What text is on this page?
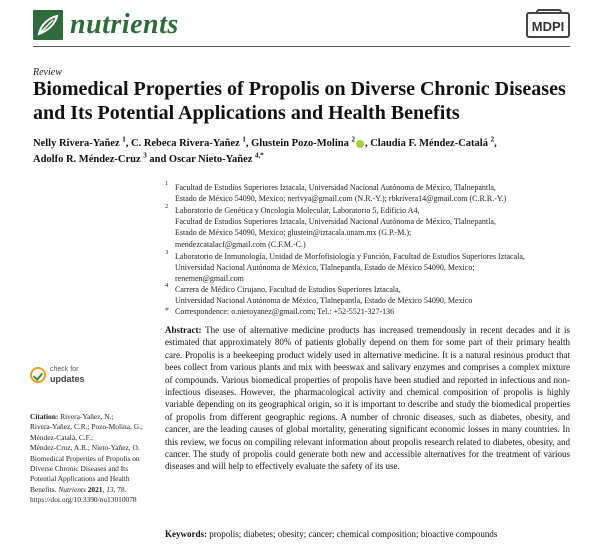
nutrients	MDPI
Review
Biomedical Properties of Propolis on Diverse Chronic Diseases
and Its Potential Applications and Health Benefits
Nelly Rivera-Yañez $^1$, C. Rebeca Rivera-Yañez $^1$, Glustein Pozo-Molina $^2$ , Claudia F. Méndez-Catalá $^2$,
Adolfo R. Méndez-Cruz $^3$ and Oscar Nieto-Yañez $^{4,*}$
1 Facultad de Estudios Superiores Iztacala, Universidad Nacional Autónoma de México, Tlalnepantla,
Estado de México 54090, Mexico; nerivya@gmail.com (N.R.-Y.); rbkrivera14@gmail.com (C.R.R.-Y.)
2 Laboratorio de Genética y Oncología Molecular, Laboratorio 5, Edificio A4,
Facultad de Estudios Superiores Iztacala, Universidad Nacional Autónoma de México, Tlalnepantla,
Estado de México 54090, Mexico; glustein@iztacala.unam.mx (G.P.-M.);
mendezcatalacf@gmail.com (C.F.M.-C.)
3 Laboratorio de Inmunología, Unidad de Morfofisiología y Función, Facultad de Estudios Superiores Iztacala,
Universidad Nacional Autónoma de México, Tlalnepantla, Estado de México 54090, Mexico;
renemen@gmail.com
4 Carrera de Médico Cirujano, Facultad de Estudios Superiores Iztacala,
Universidad Nacional Autónoma de México, Tlalnepantla, Estado de México 54090, Mexico
* Correspondence: o.nietoyanez@gmail.com; Tel.: +52-5521-327-136
Abstract: The use of alternative medicine products has increased tremendously in recent decades and it is estimated that approximately 80% of patients globally depend on them for some part of their primary health care. Propolis is a beekeeping product widely used in alternative medicine. It is a natural resinous product that bees collect from various plants and mix with beeswax and salivary enzymes and comprises a complex mixture of compounds. Various biomedical properties of propolis have been studied and reported in infectious and non-infectious diseases. However, the pharmacological activity and chemical composition of propolis is highly variable depending on its geographical origin, so it is important to describe and study the biomedical properties of propolis from different geographic regions. A number of chronic diseases, such as diabetes, obesity, and cancer, are the leading causes of global mortality, generating significant economic losses in many countries. In this review, we focus on compiling relevant information about propolis research related to diabetes, obesity, and cancer. The study of propolis could generate both new and accessible alternatives for the treatment of various diseases and will help to effectively evaluate the safety of its use.
Keywords: propolis; diabetes; obesity; cancer; chemical composition; bioactive compounds
check for
updates
Citation: Rivera-Yañez, N.;
Rivera-Yañez, C.R.; Pozo-Molina, G.;
Méndez-Catalá, C.F.;
Méndez-Cruz, A.R.; Nieto-Yañez, O.
Biomedical Properties of Propolis on
Diverse Chronic Diseases and Its
Potential Applications and Health
Benefits. Nutrients 2021, 13, 78.
https://doi.org/10.3390/nu13010078
